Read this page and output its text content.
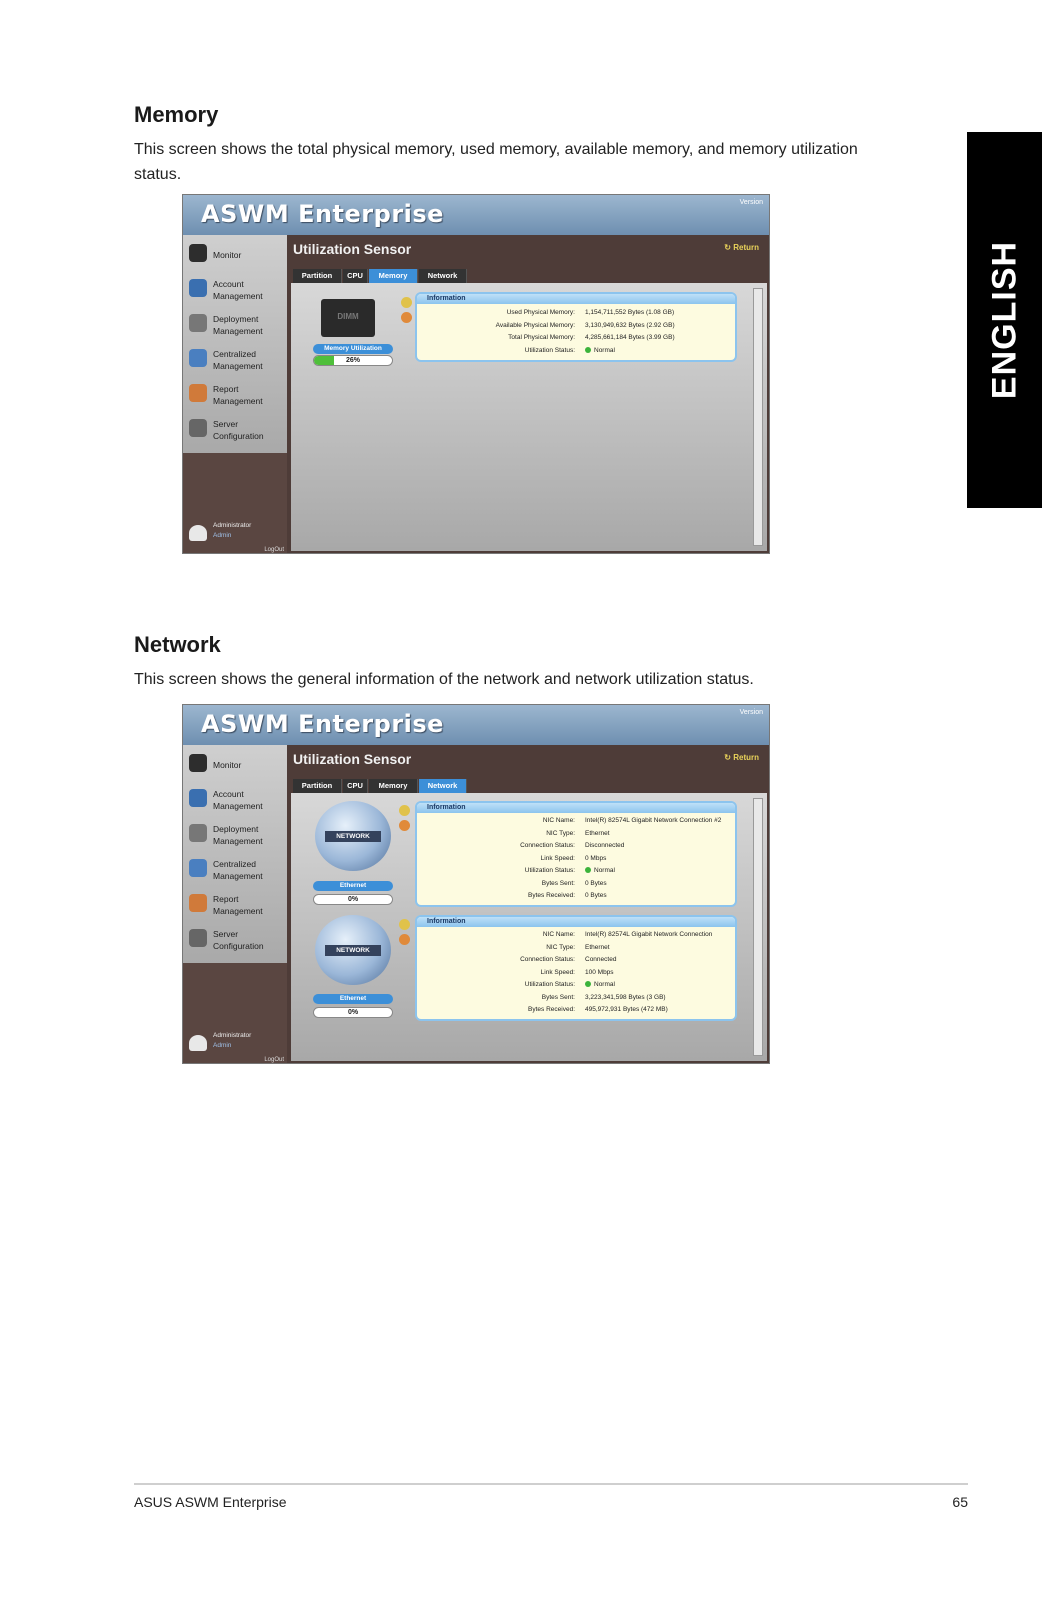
ENGLISH
Memory
This screen shows the total physical memory, used memory, available memory, and memory utilization status.
ASWM Enterprise	Version
Monitor
Account Management
Deployment Management
Centralized Management
Report Management
Server Configuration
Administrator
Admin
LogOut
Utilization Sensor	↻ Return
Partition	CPU	Memory	Network
DIMM
Memory Utilization
26%
Information
Used Physical Memory: 1,154,711,552 Bytes (1.08 GB)
Available Physical Memory: 3,130,949,632 Bytes (2.92 GB)
Total Physical Memory: 4,285,661,184 Bytes (3.99 GB)
Utilization Status:	Normal
Network
This screen shows the general information of the network and network utilization status.
ASWM Enterprise	Version
Monitor
Account Management
Deployment Management
Centralized Management
Report Management
Server Configuration
Administrator
Admin
LogOut
Utilization Sensor	↻ Return
Partition	CPU	Memory	Network
NETWORK
Ethernet
0%
Information
NIC Name: Intel(R) 82574L Gigabit Network Connection #2
NIC Type: Ethernet
Connection Status: Disconnected
Link Speed: 0 Mbps
Utilization Status:	Normal
Bytes Sent: 0 Bytes
Bytes Received: 0 Bytes
NETWORK
Ethernet
0%
Information
NIC Name: Intel(R) 82574L Gigabit Network Connection
NIC Type: Ethernet
Connection Status: Connected
Link Speed: 100 Mbps
Utilization Status:	Normal
Bytes Sent: 3,223,341,598 Bytes (3 GB)
Bytes Received: 495,972,931 Bytes (472 MB)
ASUS ASWM Enterprise	65
